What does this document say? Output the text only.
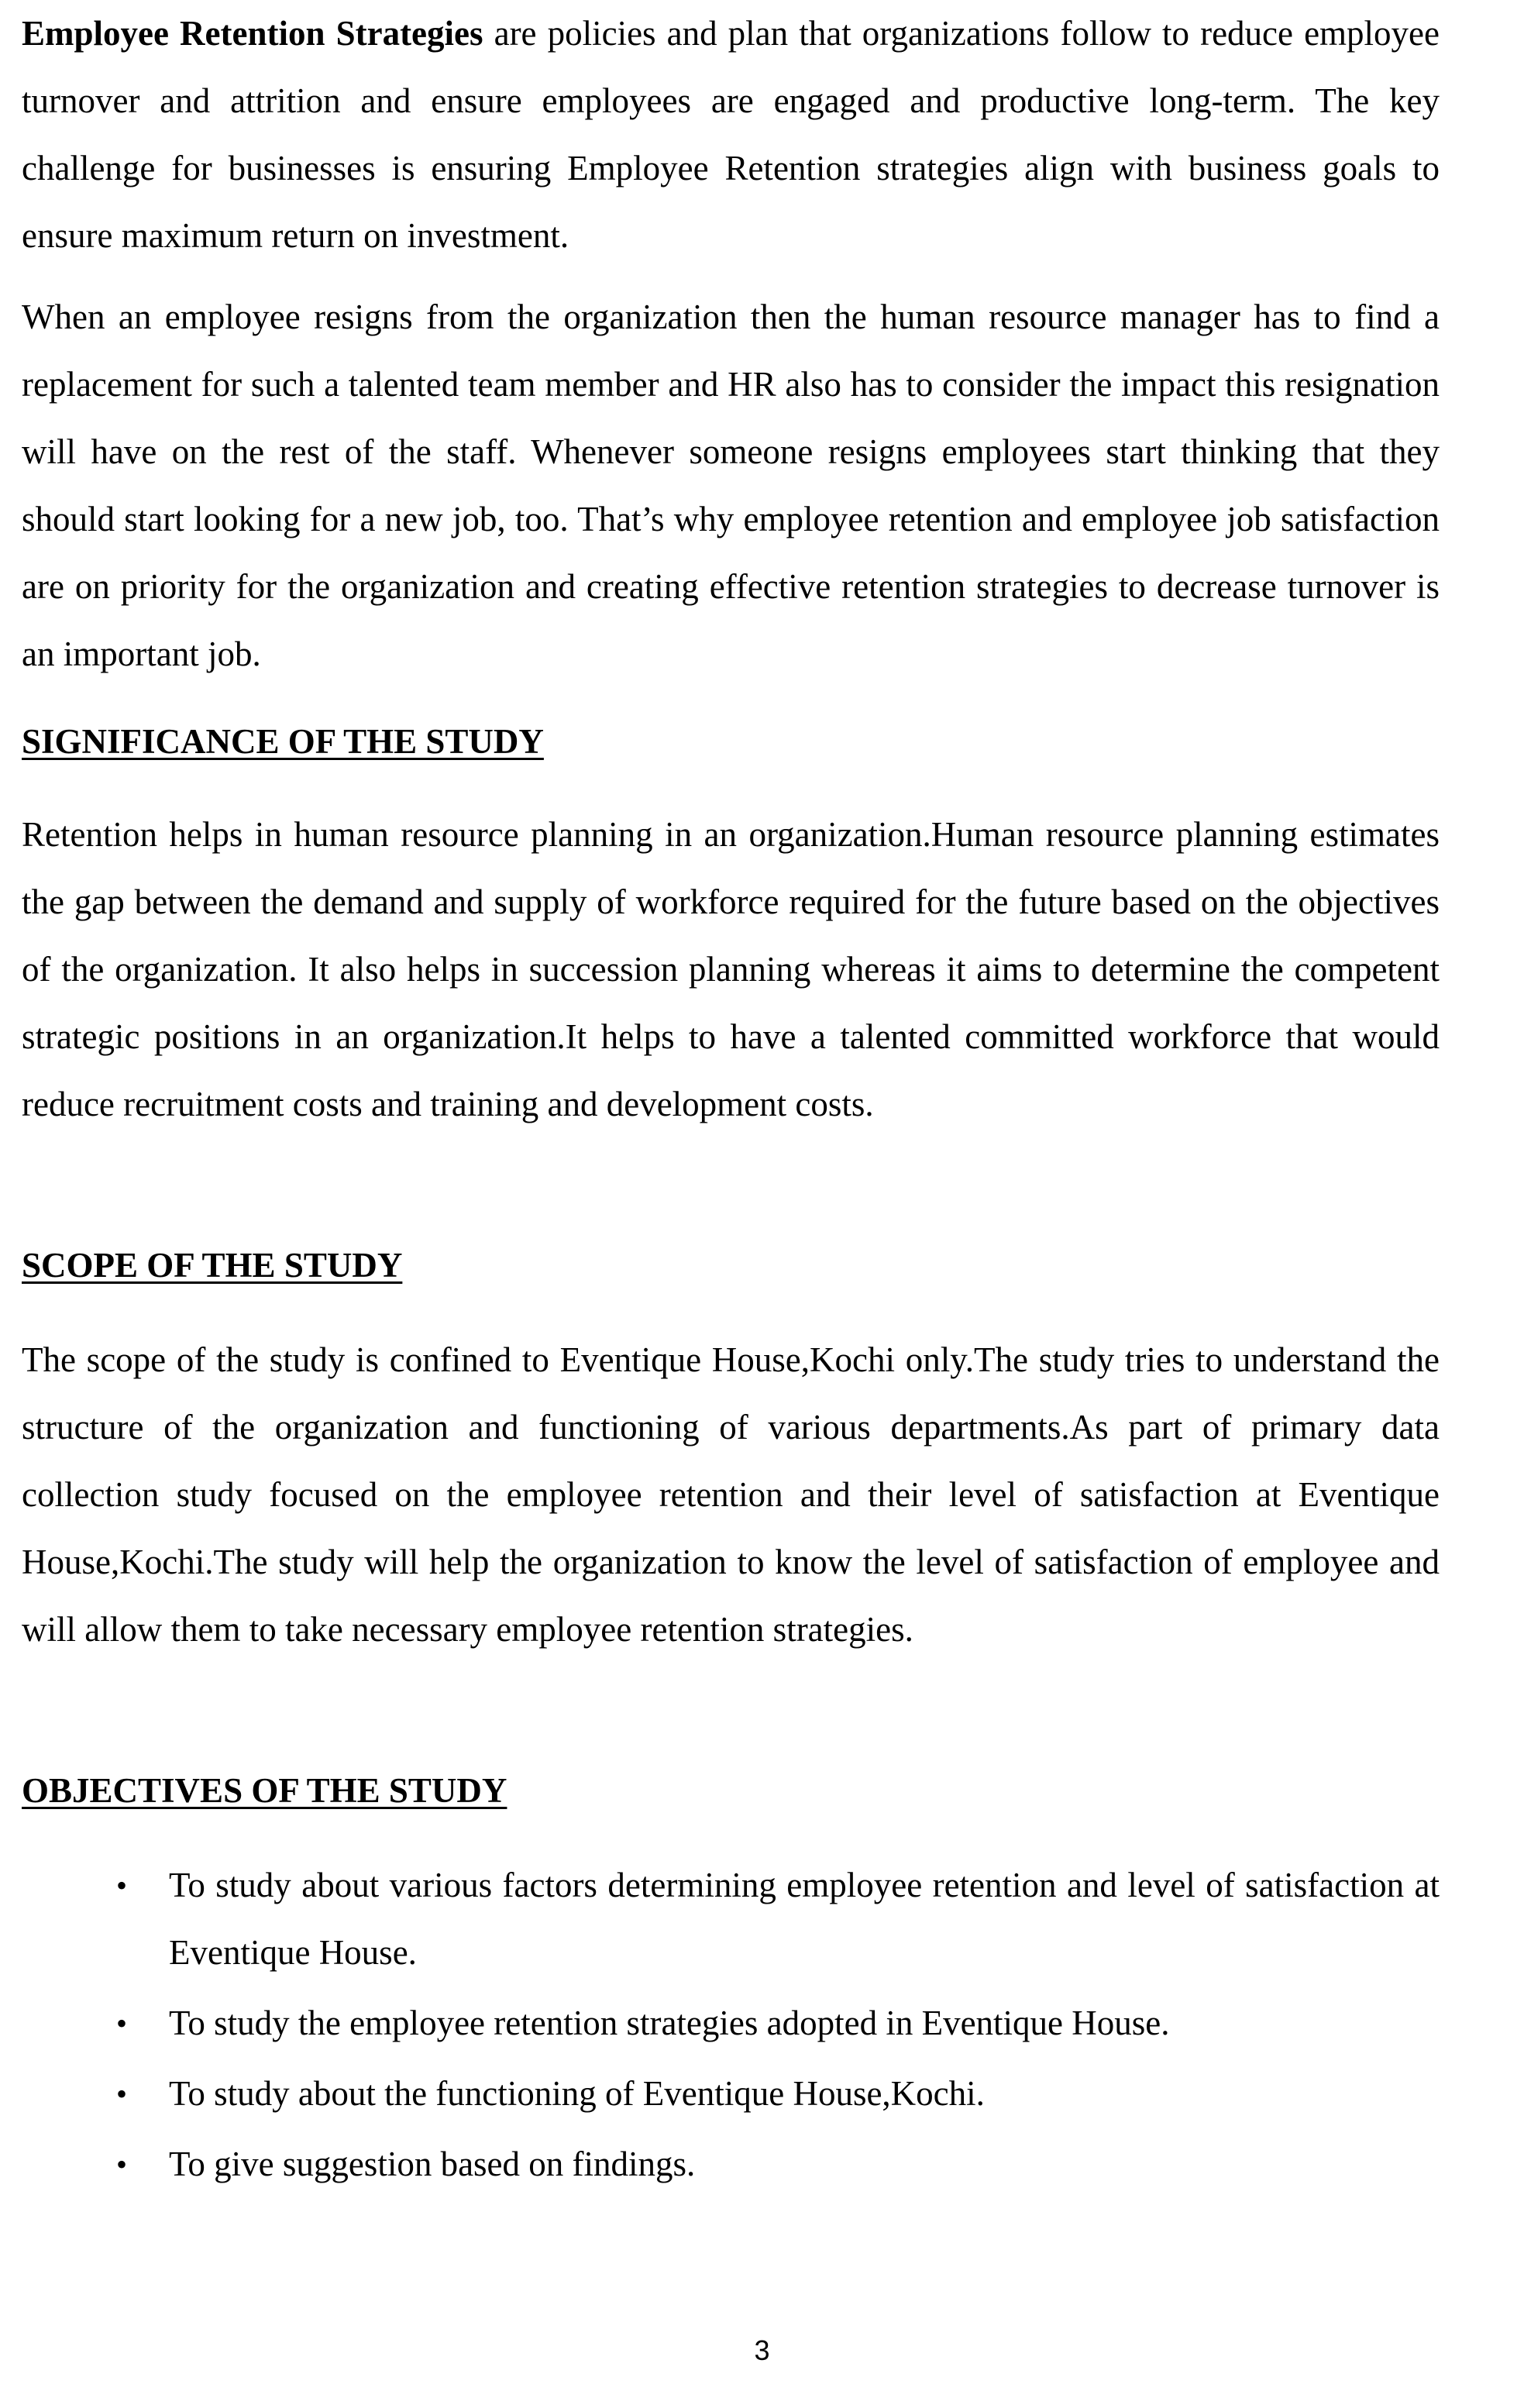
Employee Retention Strategies are policies and plan that organizations follow to reduce employee turnover and attrition and ensure employees are engaged and productive long-term. The key challenge for businesses is ensuring Employee Retention strategies align with business goals to ensure maximum return on investment.

When an employee resigns from the organization then the human resource manager has to find a replacement for such a talented team member and HR also has to consider the impact this resignation will have on the rest of the staff. Whenever someone resigns employees start thinking that they should start looking for a new job, too. That’s why employee retention and employee job satisfaction are on priority for the organization and creating effective retention strategies to decrease turnover is an important job.

SIGNIFICANCE OF THE STUDY

Retention helps in human resource planning in an organization.Human resource planning estimates the gap between the demand and supply of workforce required for the future based on the objectives of the organization. It also helps in succession planning whereas it aims to determine the competent strategic positions in an organization.It helps to have a talented committed workforce that would reduce recruitment costs and training and development costs.

SCOPE OF THE STUDY

The scope of the study is confined to Eventique House,Kochi only.The study tries to understand the structure of the organization and functioning of various departments.As part of primary data collection study focused on the employee retention and their level of satisfaction at Eventique House,Kochi.The study will help the organization to know the level of satisfaction of employee and will allow them to take necessary employee retention strategies.

OBJECTIVES OF THE STUDY
• To study about various factors determining employee retention and level of satisfaction at Eventique House.
• To study the employee retention strategies adopted in Eventique House.
• To study about the functioning of Eventique House,Kochi.
• To give suggestion based on findings.
3
